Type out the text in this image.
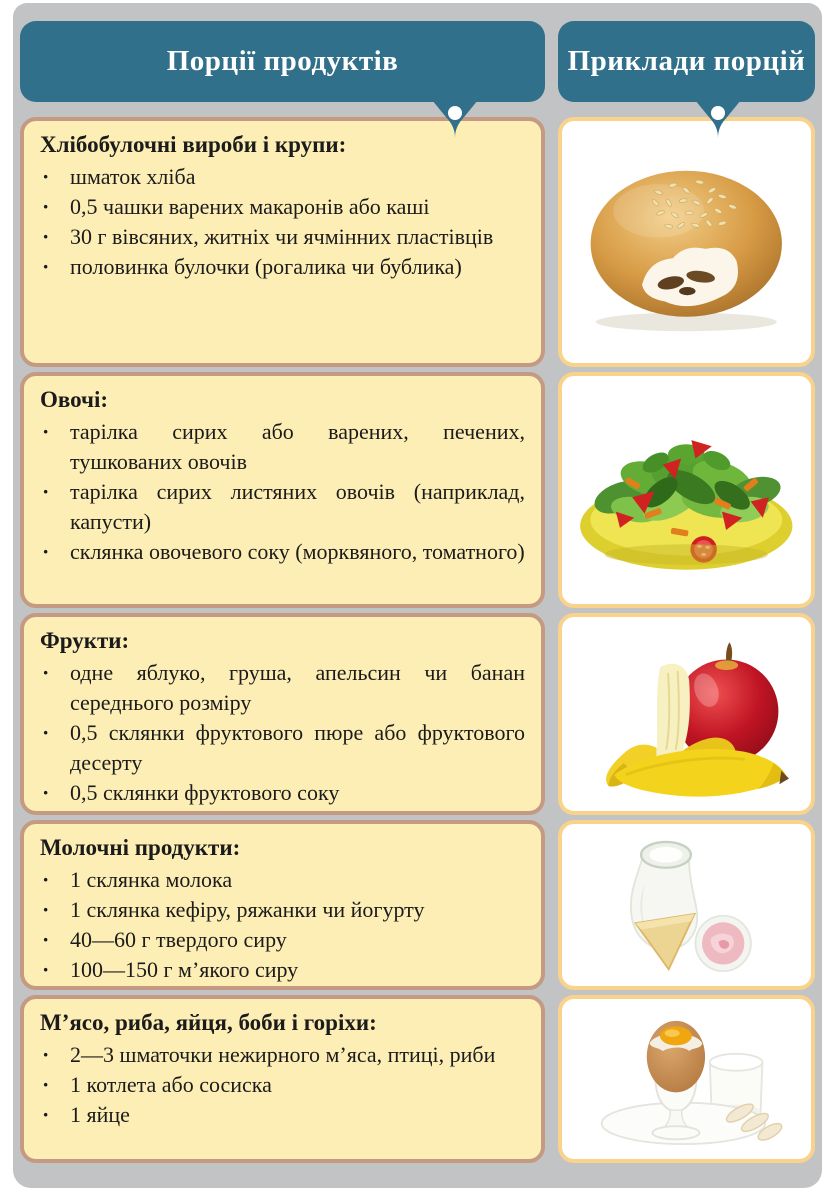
Порції продуктів	Приклади порцій
Хлібобулочні вироби і крупи:
· шматок хліба
· 0,5 чашки варених макаронів або каші
· 30 г вівсяних, житніх чи ячмінних пластівців
· половинка булочки (рогалика чи бублика)
Овочі:
· тарілка сирих або варених, печених, тушкованих овочів
· тарілка сирих листяних овочів (наприклад, капусти)
· склянка овочевого соку (морквяного, томатного)
Фрукти:
· одне яблуко, груша, апельсин чи банан середнього розміру
· 0,5 склянки фруктового пюре або фруктового десерту
· 0,5 склянки фруктового соку
Молочні продукти:
· 1 склянка молока
· 1 склянка кефіру, ряжанки чи йогурту
· 40—60 г твердого сиру
· 100—150 г м’якого сиру
М’ясо, риба, яйця, боби і горіхи:
· 2—3 шматочки нежирного м’яса, птиці, риби
· 1 котлета або сосиска
· 1 яйце
